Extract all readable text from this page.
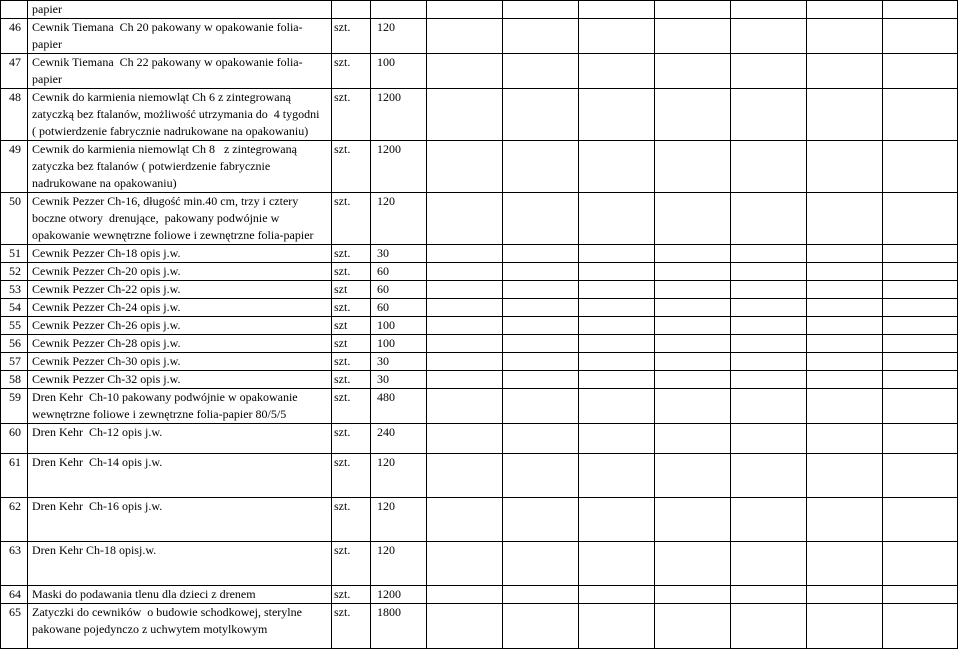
	papier									

46	Cewnik Tiemana  Ch 20 pakowany w opakowanie folia-
papier	szt.	120							
47	Cewnik Tiemana  Ch 22 pakowany w opakowanie folia-
papier	szt.	100							
48	Cewnik do karmienia niemowląt Ch 6 z zintegrowaną
zatyczką bez ftalanów, możliwość utrzymania do  4 tygodni
( potwierdzenie fabrycznie nadrukowane na opakowaniu)	szt.	1200							
49	Cewnik do karmienia niemowląt Ch 8   z zintegrowaną
zatyczka bez ftalanów ( potwierdzenie fabrycznie
nadrukowane na opakowaniu)	szt.	1200							
50	Cewnik Pezzer Ch-16, długość min.40 cm, trzy i cztery
boczne otwory  drenujące,  pakowany podwójnie w
opakowanie wewnętrzne foliowe i zewnętrzne folia-papier	szt.	120							
51	Cewnik Pezzer Ch-18 opis j.w.	szt.	30							
52	Cewnik Pezzer Ch-20 opis j.w.	szt.	60							
53	Cewnik Pezzer Ch-22 opis j.w.	szt	60							
54	Cewnik Pezzer Ch-24 opis j.w.	szt.	60							
55	Cewnik Pezzer Ch-26 opis j.w.	szt	100							
56	Cewnik Pezzer Ch-28 opis j.w.	szt	100							
57	Cewnik Pezzer Ch-30 opis j.w.	szt.	30							
58	Cewnik Pezzer Ch-32 opis j.w.	szt.	30							
59	Dren Kehr  Ch-10 pakowany podwójnie w opakowanie
wewnętrzne foliowe i zewnętrzne folia-papier 80/5/5	szt.	480							
60	Dren Kehr  Ch-12 opis j.w.	szt.	240							
61	Dren Kehr  Ch-14 opis j.w.	szt.	120							
62	Dren Kehr  Ch-16 opis j.w.	szt.	120							
63	Dren Kehr Ch-18 opisj.w.	szt.	120							
64	Maski do podawania tlenu dla dzieci z drenem	szt.	1200							
65	Zatyczki do cewników  o budowie schodkowej, sterylne
pakowane pojedynczo z uchwytem motylkowym	szt.	1800							
